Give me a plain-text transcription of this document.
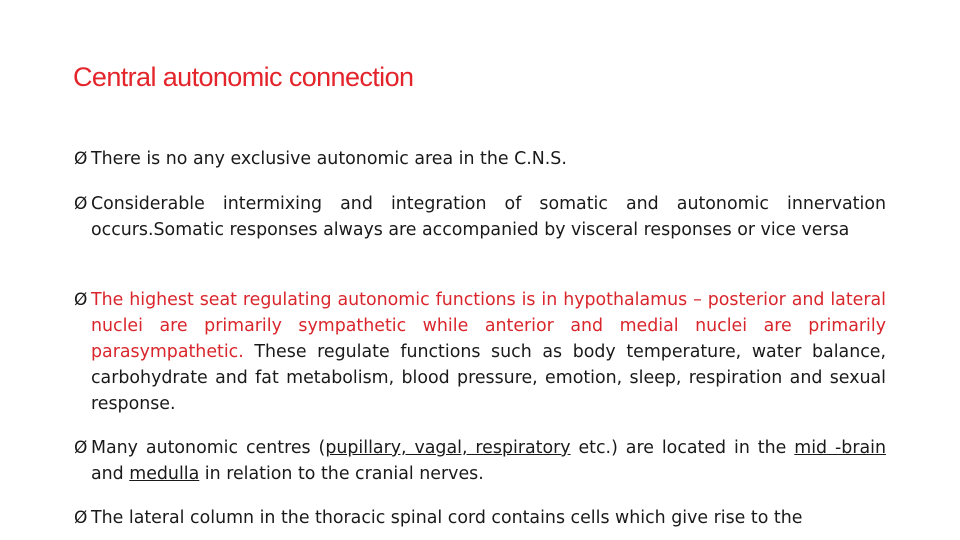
Central autonomic connection
Ø There is no any exclusive autonomic area in the C.N.S.
Ø Considerable intermixing and integration of somatic and autonomic innervation occurs.Somatic responses always are accompanied by visceral responses or vice versa
Ø The highest seat regulating autonomic functions is in hypothalamus – posterior and lateral nuclei are primarily sympathetic while anterior and medial nuclei are primarily parasympathetic. These regulate functions such as body temperature, water balance, carbohydrate and fat metabolism, blood pressure, emotion, sleep, respiration and sexual response.
Ø Many autonomic centres (pupillary, vagal, respiratory etc.) are located in the mid -brain and medulla in relation to the cranial nerves.
Ø The lateral column in the thoracic spinal cord contains cells which give rise to the
